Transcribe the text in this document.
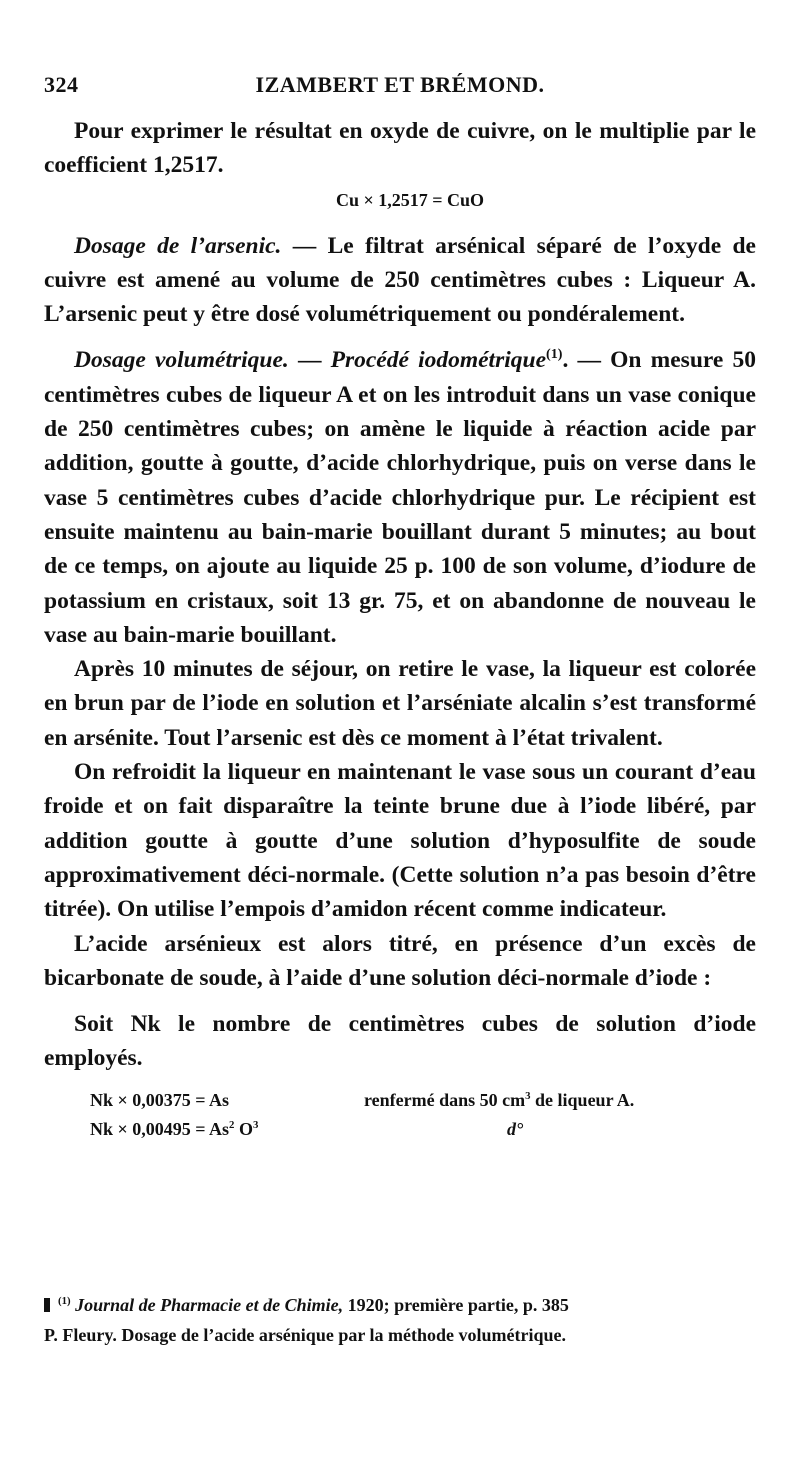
324	IZAMBERT ET BRÉMOND.

Pour exprimer le résultat en oxyde de cuivre, on le multiplie par le coefficient 1,2517.

Cu × 1,2517 = CuO

Dosage de l’arsenic. — Le filtrat arsénical séparé de l’oxyde de cuivre est amené au volume de 250 centimètres cubes : Liqueur A. L’arsenic peut y être dosé volumétriquement ou pondéralement.

Dosage volumétrique. — Procédé iodométrique$^{(1)}$. — On mesure 50 centimètres cubes de liqueur A et on les introduit dans un vase conique de 250 centimètres cubes; on amène le liquide à réaction acide par addition, goutte à goutte, d’acide chlorhydrique, puis on verse dans le vase 5 centimètres cubes d’acide chlorhydrique pur. Le récipient est ensuite maintenu au bain-marie bouillant durant 5 minutes; au bout de ce temps, on ajoute au liquide 25 p. 100 de son volume, d’iodure de potassium en cristaux, soit 13 gr. 75, et on abandonne de nouveau le vase au bain-marie bouillant.

Après 10 minutes de séjour, on retire le vase, la liqueur est colorée en brun par de l’iode en solution et l’arséniate alcalin s’est transformé en arsénite. Tout l’arsenic est dès ce moment à l’état trivalent.

On refroidit la liqueur en maintenant le vase sous un courant d’eau froide et on fait disparaître la teinte brune due à l’iode libéré, par addition goutte à goutte d’une solution d’hyposulfite de soude approximativement déci-normale. (Cette solution n’a pas besoin d’être titrée). On utilise l’empois d’amidon récent comme indicateur.

L’acide arsénieux est alors titré, en présence d’un excès de bicarbonate de soude, à l’aide d’une solution déci-normale d’iode :

Soit Nk le nombre de centimètres cubes de solution d’iode employés.

Nk × 0,00375 = As	renfermé dans 50 $cm^3$ de liqueur A.
$Nk \times 0,00495 = As^2$ $O^3$	d°
$^{(1)}$ Journal de Pharmacie et de Chimie, 1920; première partie, p. 385
P. Fleury. Dosage de l’acide arsénique par la méthode volumétrique.
